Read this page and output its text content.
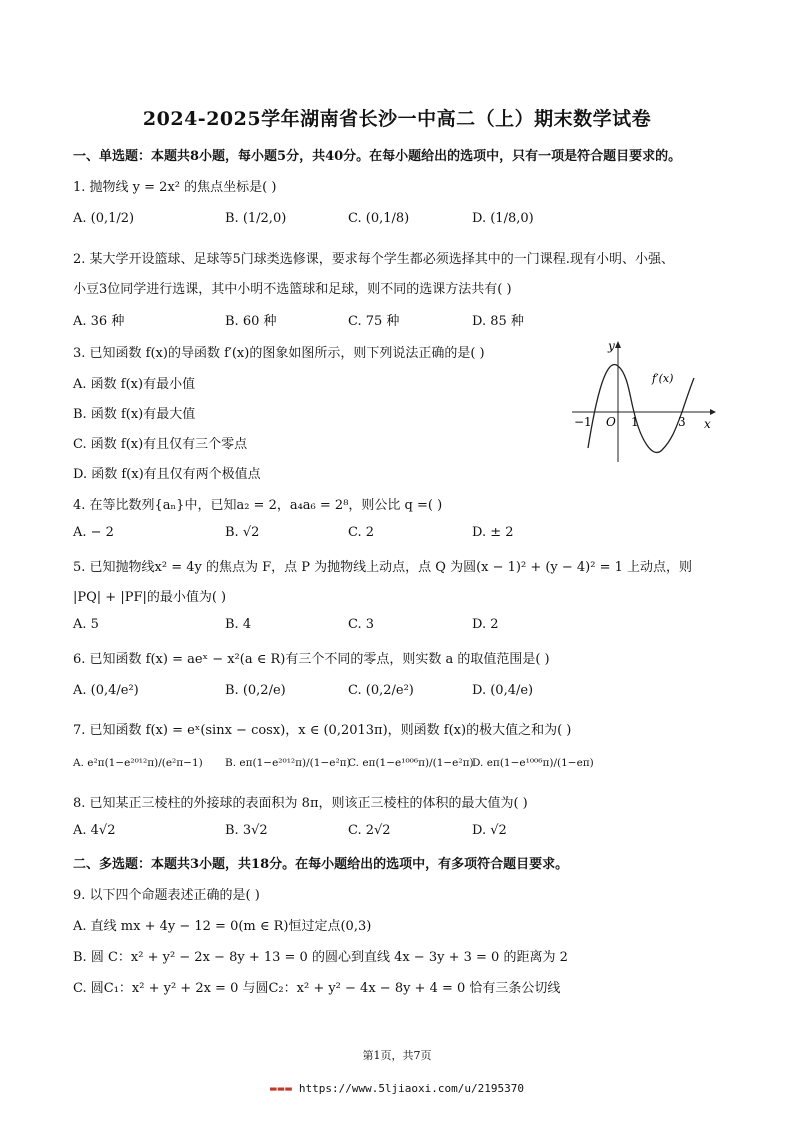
2024-2025学年湖南省长沙一中高二（上）期末数学试卷
一、单选题：本题共8小题，每小题5分，共40分。在每小题给出的选项中，只有一项是符合题目要求的。
1. 抛物线 y = 2x² 的焦点坐标是( )
A. (0,1/2)	B. (1/2,0)	C. (0,1/8)	D. (1/8,0)
2. 某大学开设篮球、足球等5门球类选修课，要求每个学生都必须选择其中的一门课程.现有小明、小强、
小豆3位同学进行选课，其中小明不选篮球和足球，则不同的选课方法共有( )
A. 36 种	B. 60 种	C. 75 种	D. 85 种
3. 已知函数 f(x)的导函数 f′(x)的图象如图所示，则下列说法正确的是( )
A. 函数 f(x)有最小值
B. 函数 f(x)有最大值
C. 函数 f(x)有且仅有三个零点
D. 函数 f(x)有且仅有两个极值点
y
x
O
−1	1	3
f′(x)
4. 在等比数列{aₙ}中，已知a₂ = 2，a₄a₆ = 2⁸，则公比 q =( )
A. − 2	B. √2	C. 2	D. ± 2
5. 已知抛物线x² = 4y 的焦点为 F，点 P 为抛物线上动点，点 Q 为圆(x − 1)² + (y − 4)² = 1 上动点，则
|PQ| + |PF|的最小值为( )
A. 5	B. 4	C. 3	D. 2
6. 已知函数 f(x) = aeˣ − x²(a ∈ R)有三个不同的零点，则实数 a 的取值范围是( )
A. (0,4/e²)	B. (0,2/e)	C. (0,2/e²)	D. (0,4/e)
7. 已知函数 f(x) = eˣ(sinx − cosx)，x ∈ (0,2013π)，则函数 f(x)的极大值之和为( )
A. e²π(1−e²⁰¹²π)/(e²π−1) B. eπ(1−e²⁰¹²π)/(1−e²π)
C. eπ(1−e¹⁰⁰⁶π)/(1−e²π)
D. eπ(1−e¹⁰⁰⁶π)/(1−eπ)
8. 已知某正三棱柱的外接球的表面积为 8π，则该正三棱柱的体积的最大值为( )
A. 4√2	B. 3√2	C. 2√2	D. √2
二、多选题：本题共3小题，共18分。在每小题给出的选项中，有多项符合题目要求。
9. 以下四个命题表述正确的是( )
A. 直线 mx + 4y − 12 = 0(m ∈ R)恒过定点(0,3)
B. 圆 C：x² + y² − 2x − 8y + 13 = 0 的圆心到直线 4x − 3y + 3 = 0 的距离为 2
C. 圆C₁：x² + y² + 2x = 0 与圆C₂：x² + y² − 4x − 8y + 4 = 0 恰有三条公切线
第1页，共7页
▬▬▬ https://www.5ljiaoxi.com/u/2195370
